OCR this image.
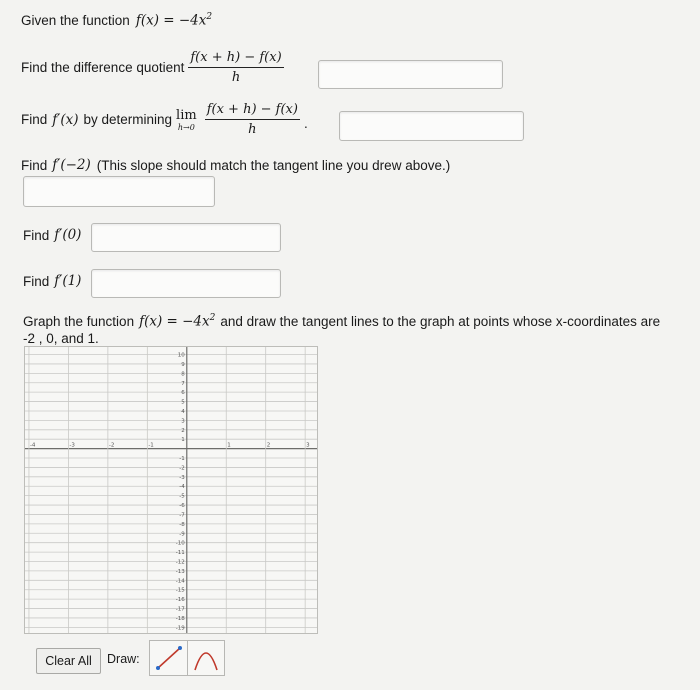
Given the function $f(x) = -4x^2$
Find the difference quotient $\frac{f(x + h) - f(x)}{h}$
Find f′(x) by determining lim
$h\to 0 \frac{f(x + h) - f(x)}{h}$ .
Find f′(−2) (This slope should match the tangent line you drew above.)
Find f′(0)
Find f′(1)
Graph the function $f(x) = -4x^2$ and draw the tangent lines to the graph at points whose x-coordinates are
-2 , 0, and 1.
10
9
8
7
6
5
4
3
2
1
-1
-2
-3
-4
-5
-6
-7
-8
-9
-10
-11
-12
-13
-14
-15
-16
-17
-18
-19
-4	-3	-2	-1	1	2	3
Clear All	Draw:
